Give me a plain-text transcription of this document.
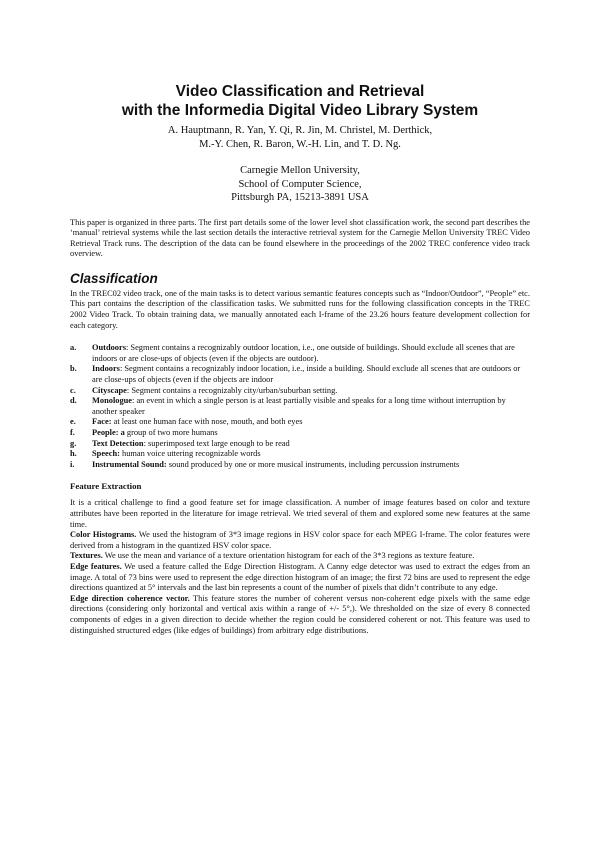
Video Classification and Retrieval
with the Informedia Digital Video Library System
A. Hauptmann, R. Yan, Y. Qi, R. Jin, M. Christel, M. Derthick,
M.-Y. Chen, R. Baron, W.-H. Lin, and T. D. Ng.
Carnegie Mellon University,
School of Computer Science,
Pittsburgh PA, 15213-3891 USA

This paper is organized in three parts. The first part details some of the lower level shot classification work, the second part describes the ‘manual’ retrieval systems while the last section details the interactive retrieval system for the Carnegie Mellon University TREC Video Retrieval Track runs. The description of the data can be found elsewhere in the proceedings of the 2002 TREC conference video track overview.

Classification

In the TREC02 video track, one of the main tasks is to detect various semantic features concepts such as “Indoor/Outdoor”, “People” etc. This part contains the description of the classification tasks. We submitted runs for the following classification concepts in the TREC 2002 Video Track. To obtain training data, we manually annotated each I-frame of the 23.26 hours feature development collection for each category.

a.	Outdoors: Segment contains a recognizably outdoor location, i.e., one outside of buildings. Should exclude all scenes that are indoors or are close-ups of objects (even if the objects are outdoor).
b.	Indoors: Segment contains a recognizably indoor location, i.e., inside a building. Should exclude all scenes that are outdoors or are close-ups of objects (even if the objects are indoor
c.	Cityscape: Segment contains a recognizably city/urban/suburban setting.
d.	Monologue: an event in which a single person is at least partially visible and speaks for a long time without interruption by another speaker
e.	Face: at least one human face with nose, mouth, and both eyes
f.	People: a group of two more humans
g.	Text Detection: superimposed text large enough to be read
h.	Speech: human voice uttering recognizable words
i.	Instrumental Sound: sound produced by one or more musical instruments, including percussion instruments
Feature Extraction

It is a critical challenge to find a good feature set for image classification. A number of image features based on color and texture attributes have been reported in the literature for image retrieval. We tried several of them and explored some new features at the same time.

Color Histograms. We used the histogram of 3*3 image regions in HSV color space for each MPEG I-frame. The color features were derived from a histogram in the quantized HSV color space.

Textures. We use the mean and variance of a texture orientation histogram for each of the 3*3 regions as texture feature.

Edge features. We used a feature called the Edge Direction Histogram. A Canny edge detector was used to extract the edges from an image. A total of 73 bins were used to represent the edge direction histogram of an image; the first 72 bins are used to represent the edge directions quantized at 5° intervals and the last bin represents a count of the number of pixels that didn’t contribute to any edge.

Edge direction coherence vector. This feature stores the number of coherent versus non-coherent edge pixels with the same edge directions (considering only horizontal and vertical axis within a range of +/- 5°,). We thresholded on the size of every 8 connected components of edges in a given direction to decide whether the region could be considered coherent or not. This feature was used to distinguished structured edges (like edges of buildings) from arbitrary edge distributions.
